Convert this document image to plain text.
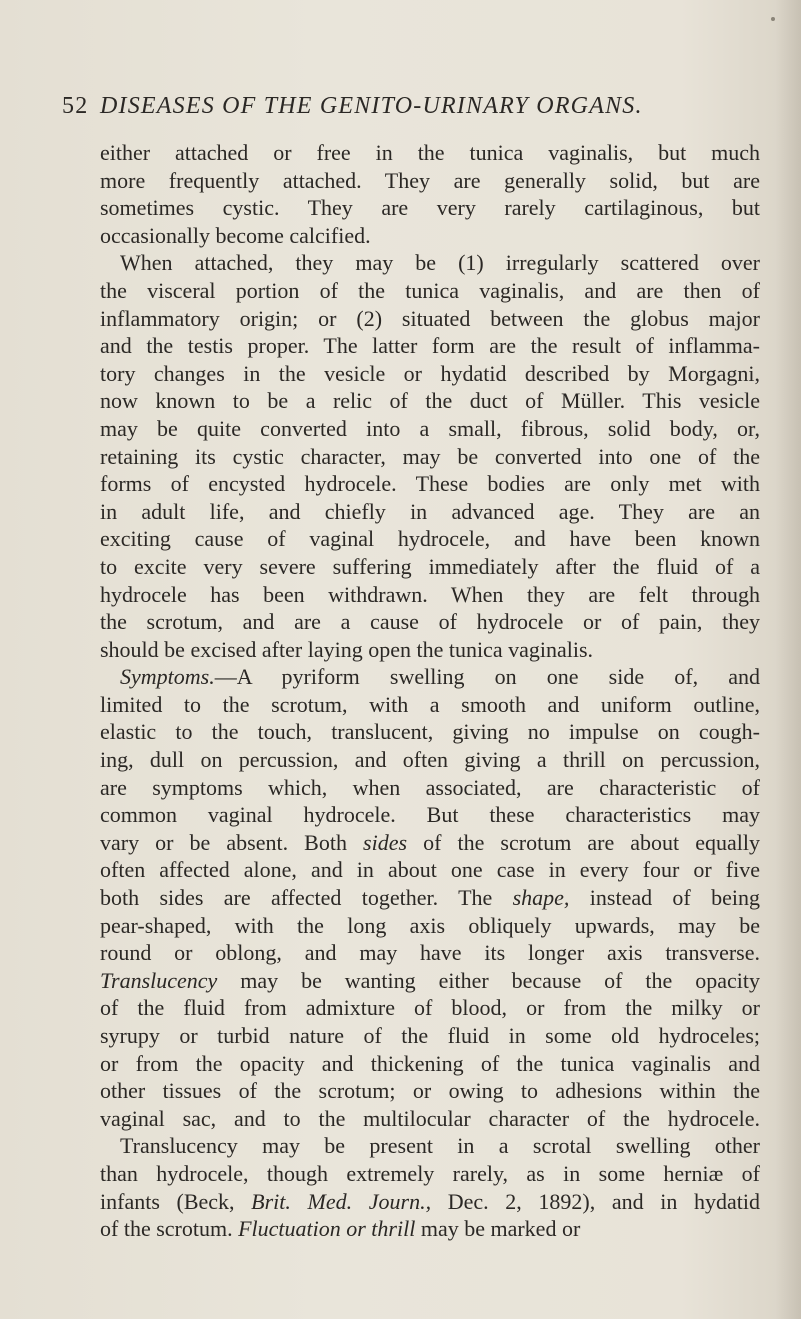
52 DISEASES OF THE GENITO-URINARY ORGANS.
either attached or free in the tunica vaginalis, but much
more frequently attached. They are generally solid, but are
sometimes cystic. They are very rarely cartilaginous, but
occasionally become calcified.
When attached, they may be (1) irregularly scattered over
the visceral portion of the tunica vaginalis, and are then of
inflammatory origin; or (2) situated between the globus major
and the testis proper. The latter form are the result of inflamma-
tory changes in the vesicle or hydatid described by Morgagni,
now known to be a relic of the duct of Müller. This vesicle
may be quite converted into a small, fibrous, solid body, or,
retaining its cystic character, may be converted into one of the
forms of encysted hydrocele. These bodies are only met with
in adult life, and chiefly in advanced age. They are an
exciting cause of vaginal hydrocele, and have been known
to excite very severe suffering immediately after the fluid of a
hydrocele has been withdrawn. When they are felt through
the scrotum, and are a cause of hydrocele or of pain, they
should be excised after laying open the tunica vaginalis.
Symptoms.—A pyriform swelling on one side of, and
limited to the scrotum, with a smooth and uniform outline,
elastic to the touch, translucent, giving no impulse on cough-
ing, dull on percussion, and often giving a thrill on percussion,
are symptoms which, when associated, are characteristic of
common vaginal hydrocele. But these characteristics may
vary or be absent. Both sides of the scrotum are about equally
often affected alone, and in about one case in every four or five
both sides are affected together. The shape, instead of being
pear-shaped, with the long axis obliquely upwards, may be
round or oblong, and may have its longer axis transverse.
Translucency may be wanting either because of the opacity
of the fluid from admixture of blood, or from the milky or
syrupy or turbid nature of the fluid in some old hydroceles;
or from the opacity and thickening of the tunica vaginalis and
other tissues of the scrotum; or owing to adhesions within the
vaginal sac, and to the multilocular character of the hydrocele.
Translucency may be present in a scrotal swelling other
than hydrocele, though extremely rarely, as in some herniæ of
infants (Beck, Brit. Med. Journ., Dec. 2, 1892), and in hydatid
of the scrotum. Fluctuation or thrill may be marked or
